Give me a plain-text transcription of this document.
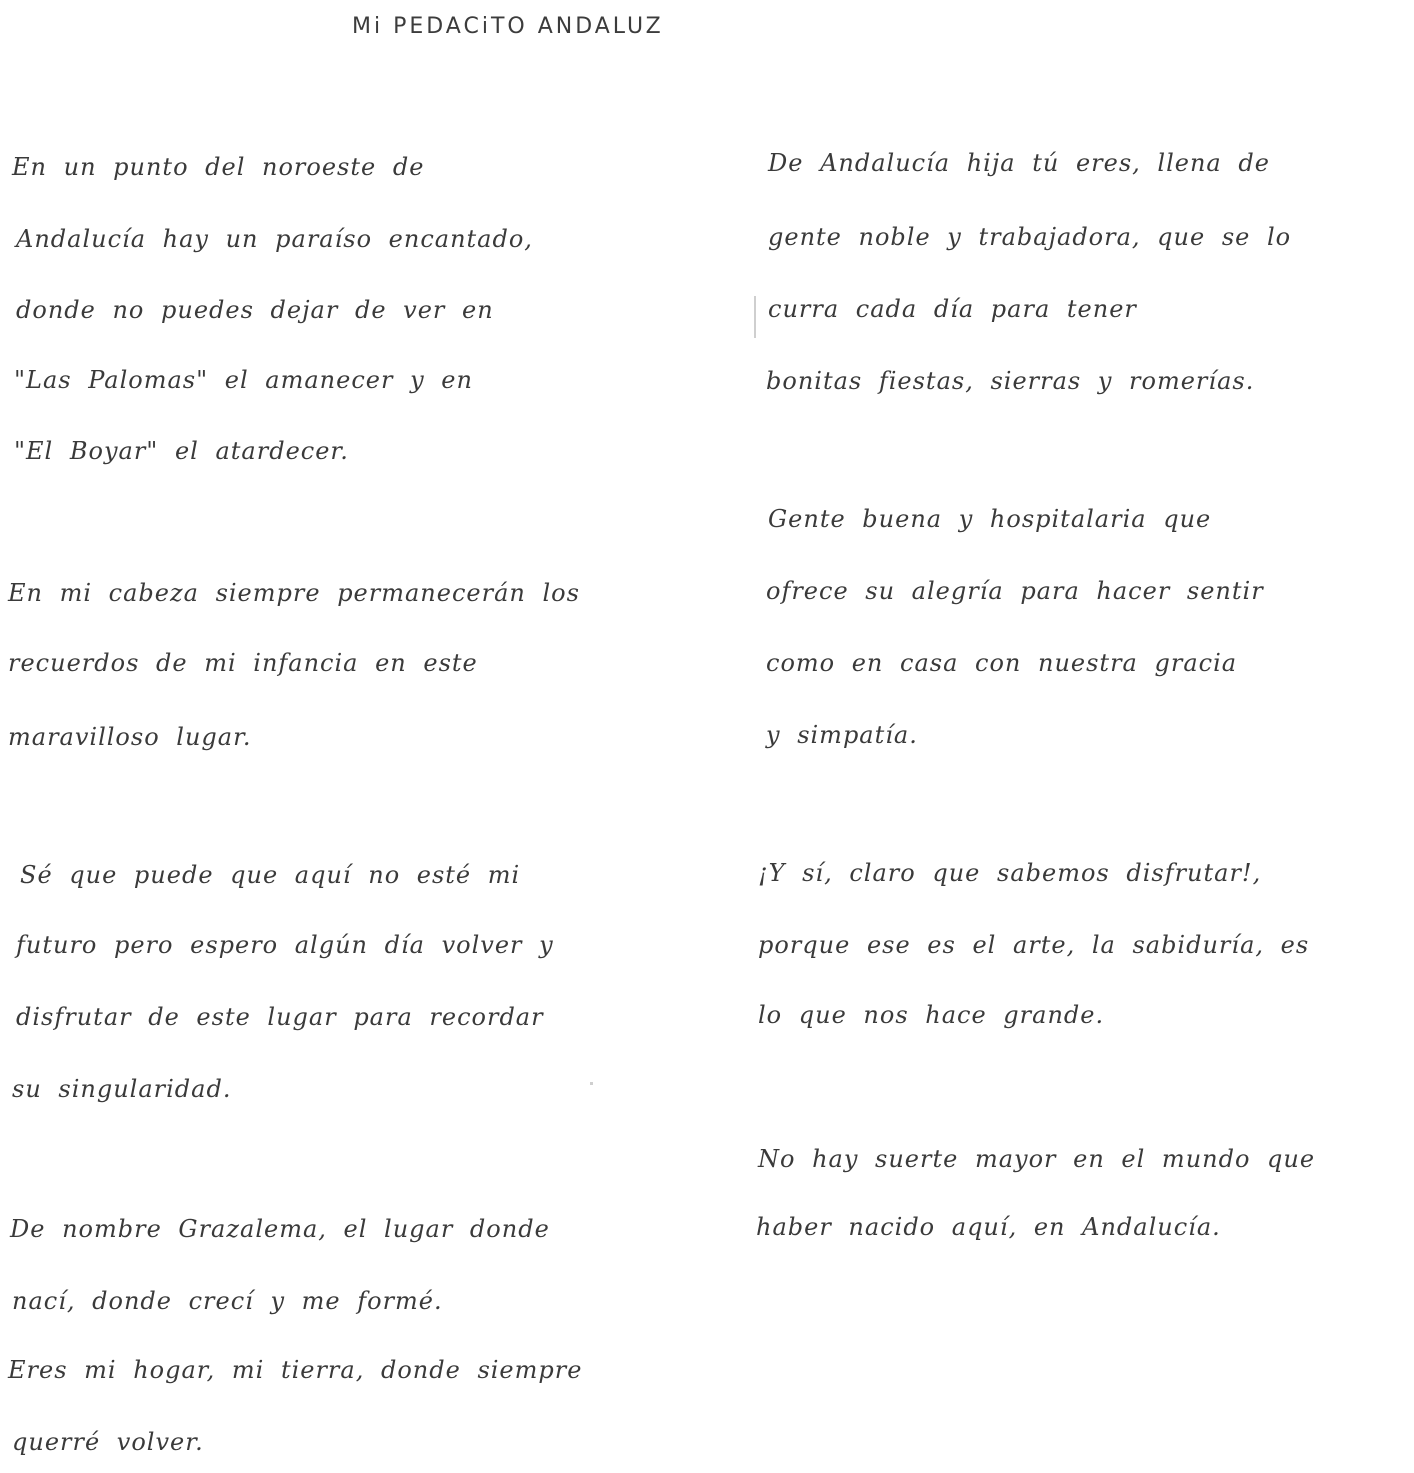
Mi PEDACiTO ANDALUZ
En un punto del noroeste de
Andalucía hay un paraíso encantado,
donde no puedes dejar de ver en
"Las Palomas" el amanecer y en
"El Boyar" el atardecer.
En mi cabeza siempre permanecerán los
recuerdos de mi infancia en este
maravilloso lugar.
Sé que puede que aquí no esté mi
futuro pero espero algún día volver y
disfrutar de este lugar para recordar
su singularidad.
De nombre Grazalema, el lugar donde
nací, donde crecí y me formé.
Eres mi hogar, mi tierra, donde siempre
querré volver.
De Andalucía hija tú eres, llena de
gente noble y trabajadora, que se lo
curra cada día para tener
bonitas fiestas, sierras y romerías.
Gente buena y hospitalaria que
ofrece su alegría para hacer sentir
como en casa con nuestra gracia
y simpatía.
¡Y sí, claro que sabemos disfrutar!,
porque ese es el arte, la sabiduría, es
lo que nos hace grande.
No hay suerte mayor en el mundo que
haber nacido aquí, en Andalucía.
